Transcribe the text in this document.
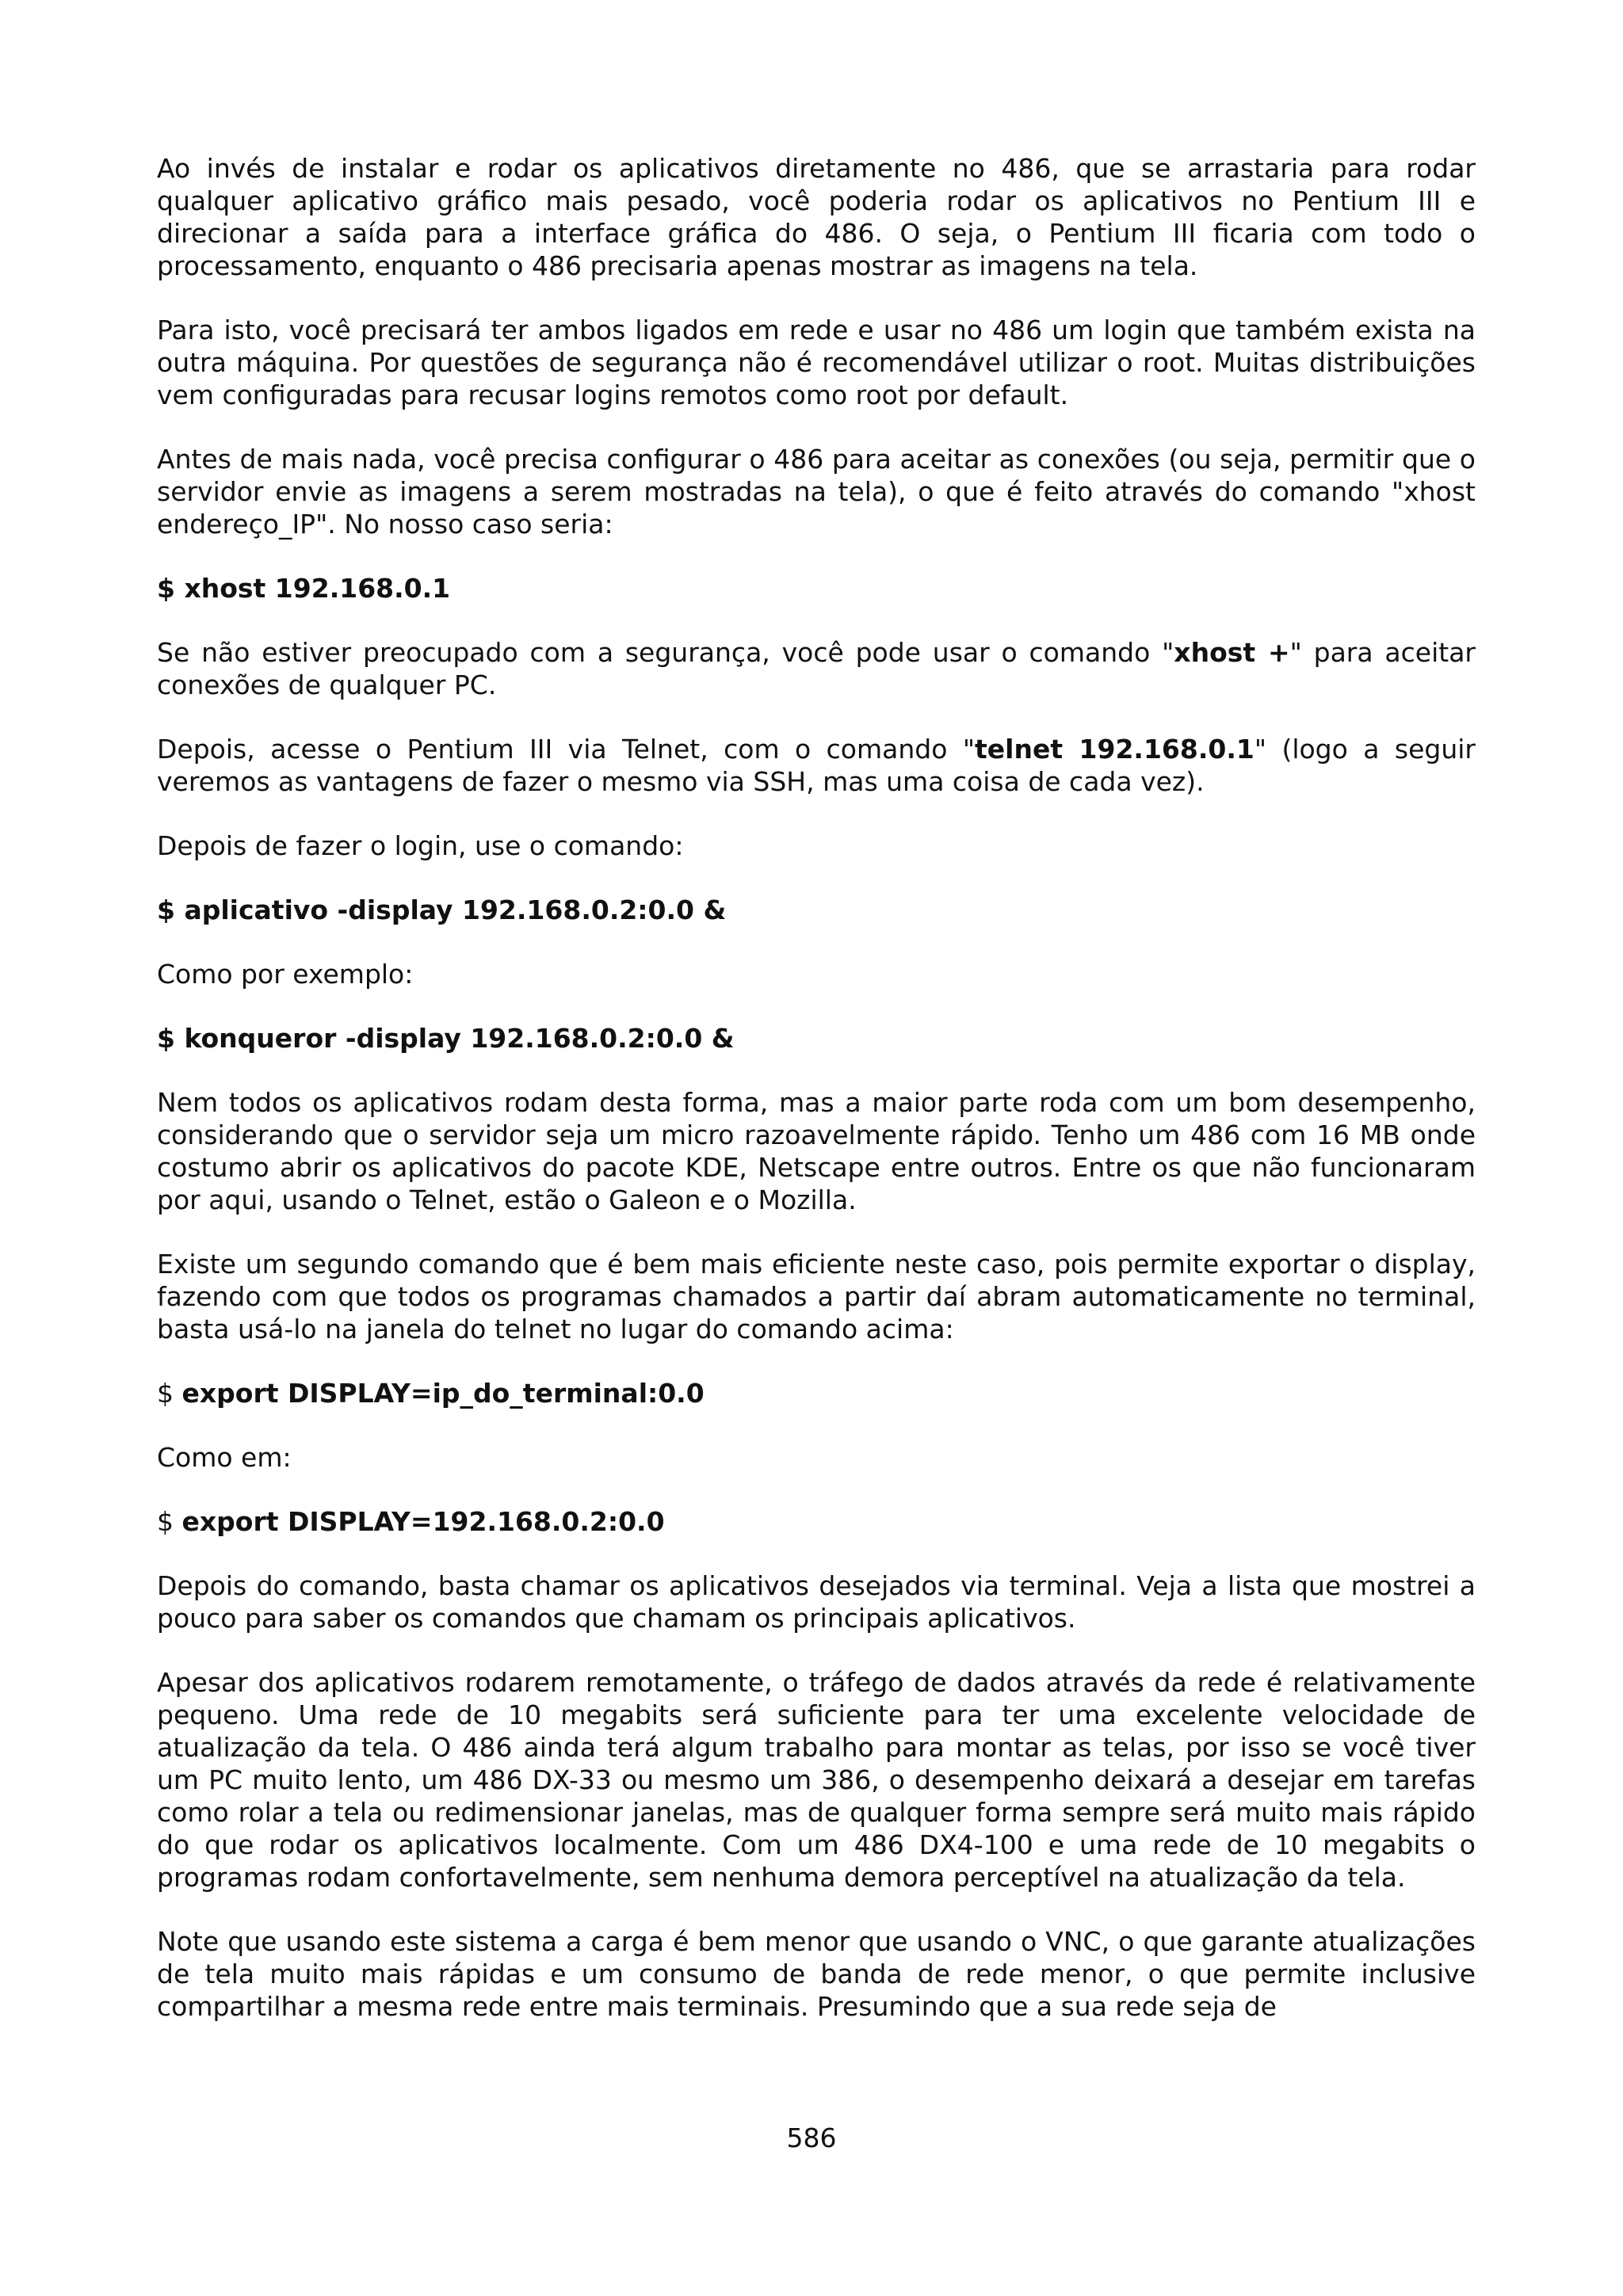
Ao invés de instalar e rodar os aplicativos diretamente no 486, que se arrastaria para rodar qualquer aplicativo gráfico mais pesado, você poderia rodar os aplicativos no Pentium III e direcionar a saída para a interface gráfica do 486. O seja, o Pentium III ficaria com todo o processamento, enquanto o 486 precisaria apenas mostrar as imagens na tela.

Para isto, você precisará ter ambos ligados em rede e usar no 486 um login que também exista na outra máquina. Por questões de segurança não é recomendável utilizar o root. Muitas distribuições vem configuradas para recusar logins remotos como root por default.

Antes de mais nada, você precisa configurar o 486 para aceitar as conexões (ou seja, permitir que o servidor envie as imagens a serem mostradas na tela), o que é feito através do comando "xhost endereço_IP". No nosso caso seria:

$ xhost 192.168.0.1

Se não estiver preocupado com a segurança, você pode usar o comando "xhost +" para aceitar conexões de qualquer PC.

Depois, acesse o Pentium III via Telnet, com o comando "telnet 192.168.0.1" (logo a seguir veremos as vantagens de fazer o mesmo via SSH, mas uma coisa de cada vez).

Depois de fazer o login, use o comando:

$ aplicativo -display 192.168.0.2:0.0 &

Como por exemplo:

$ konqueror -display 192.168.0.2:0.0 &

Nem todos os aplicativos rodam desta forma, mas a maior parte roda com um bom desempenho, considerando que o servidor seja um micro razoavelmente rápido. Tenho um 486 com 16 MB onde costumo abrir os aplicativos do pacote KDE, Netscape entre outros. Entre os que não funcionaram por aqui, usando o Telnet, estão o Galeon e o Mozilla.

Existe um segundo comando que é bem mais eficiente neste caso, pois permite exportar o display, fazendo com que todos os programas chamados a partir daí abram automaticamente no terminal, basta usá-lo na janela do telnet no lugar do comando acima:

$ export DISPLAY=ip_do_terminal:0.0

Como em:

$ export DISPLAY=192.168.0.2:0.0

Depois do comando, basta chamar os aplicativos desejados via terminal. Veja a lista que mostrei a pouco para saber os comandos que chamam os principais aplicativos.

Apesar dos aplicativos rodarem remotamente, o tráfego de dados através da rede é relativamente pequeno. Uma rede de 10 megabits será suficiente para ter uma excelente velocidade de atualização da tela. O 486 ainda terá algum trabalho para montar as telas, por isso se você tiver um PC muito lento, um 486 DX-33 ou mesmo um 386, o desempenho deixará a desejar em tarefas como rolar a tela ou redimensionar janelas, mas de qualquer forma sempre será muito mais rápido do que rodar os aplicativos localmente. Com um 486 DX4-100 e uma rede de 10 megabits o programas rodam confortavelmente, sem nenhuma demora perceptível na atualização da tela.

Note que usando este sistema a carga é bem menor que usando o VNC, o que garante atualizações de tela muito mais rápidas e um consumo de banda de rede menor, o que permite inclusive compartilhar a mesma rede entre mais terminais. Presumindo que a sua rede seja de

586
